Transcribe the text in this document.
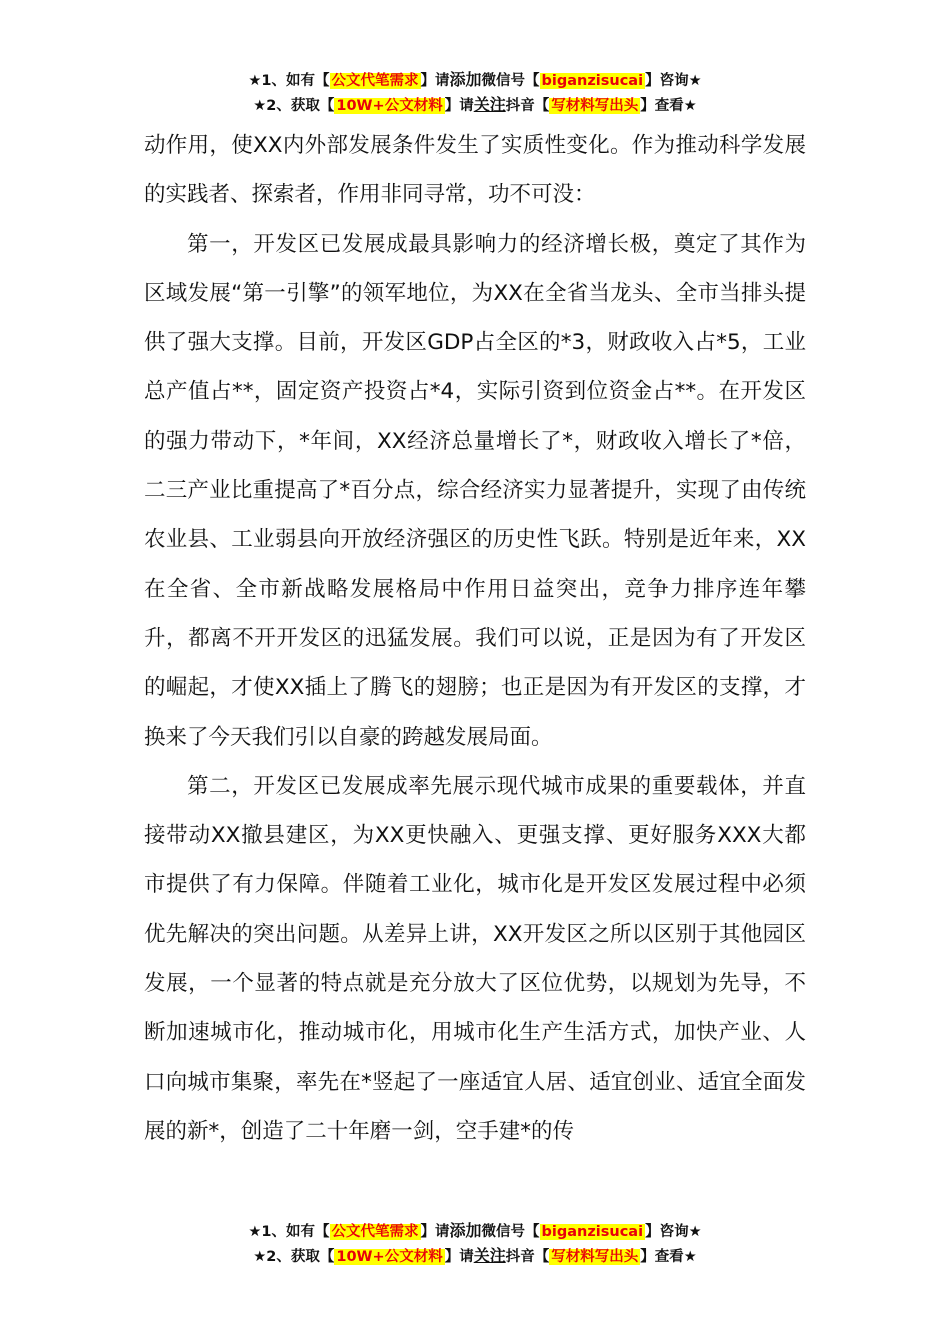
★1、如有【 公文代笔需求 】请添加微信号【 biganzisucai 】咨询★
★2、获取【 10W+公文材料 】请关注抖音【 写材料写出头 】查看★

动作用，使XX内外部发展条件发生了实质性变化。作为推动科学发展的实践者、探索者，作用非同寻常，功不可没：

第一，开发区已发展成最具影响力的经济增长极，奠定了其作为区域发展“第一引擎”的领军地位，为XX在全省当龙头、全市当排头提供了强大支撑。目前，开发区GDP占全区的*3，财政收入占*5，工业总产值占**，固定资产投资占*4，实际引资到位资金占**。在开发区的强力带动下，*年间，XX经济总量增长了*，财政收入增长了*倍，二三产业比重提高了*百分点，综合经济实力显著提升，实现了由传统农业县、工业弱县向开放经济强区的历史性飞跃。特别是近年来，XX在全省、全市新战略发展格局中作用日益突出，竞争力排序连年攀升，都离不开开发区的迅猛发展。我们可以说，正是因为有了开发区的崛起，才使XX插上了腾飞的翅膀；也正是因为有开发区的支撑，才换来了今天我们引以自豪的跨越发展局面。

第二，开发区已发展成率先展示现代城市成果的重要载体，并直接带动XX撤县建区，为XX更快融入、更强支撑、更好服务XXX大都市提供了有力保障。伴随着工业化，城市化是开发区发展过程中必须优先解决的突出问题。从差异上讲，XX开发区之所以区别于其他园区发展，一个显著的特点就是充分放大了区位优势，以规划为先导，不断加速城市化，推动城市化，用城市化生产生活方式，加快产业、人口向城市集聚，率先在*竖起了一座适宜人居、适宜创业、适宜全面发展的新*，创造了二十年磨一剑，空手建*的传

★1、如有【 公文代笔需求 】请添加微信号【 biganzisucai 】咨询★
★2、获取【 10W+公文材料 】请关注抖音【 写材料写出头 】查看★
